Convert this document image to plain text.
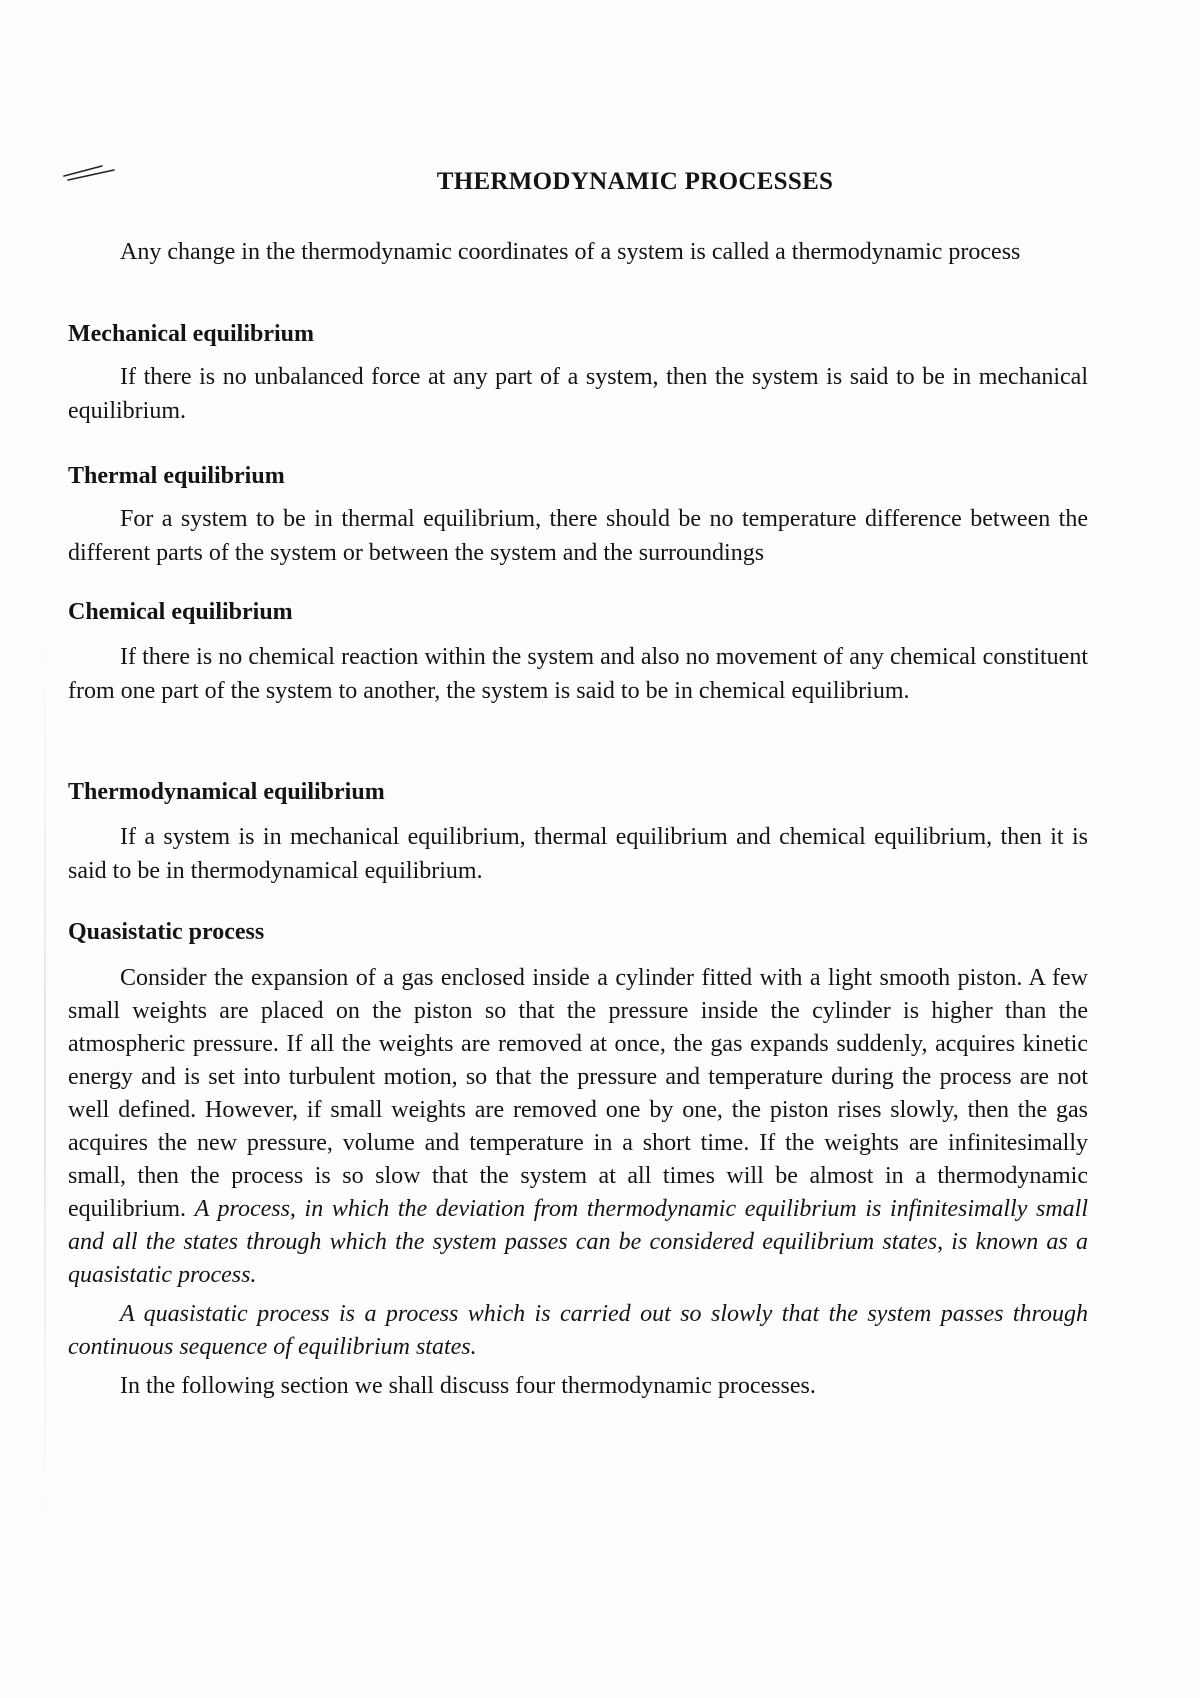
THERMODYNAMIC PROCESSES

Any change in the thermodynamic coordinates of a system is called a thermodynamic process

Mechanical equilibrium

If there is no unbalanced force at any part of a system, then the system is said to be in mechanical equilibrium.

Thermal equilibrium

For a system to be in thermal equilibrium, there should be no temperature difference between the different parts of the system or between the system and the surroundings

Chemical equilibrium

If there is no chemical reaction within the system and also no movement of any chemical constituent from one part of the system to another, the system is said to be in chemical equilibrium.

Thermodynamical equilibrium

If a system is in mechanical equilibrium, thermal equilibrium and chemical equilibrium, then it is said to be in thermodynamical equilibrium.

Quasistatic process

Consider the expansion of a gas enclosed inside a cylinder fitted with a light smooth piston. A few small weights are placed on the piston so that the pressure inside the cylinder is higher than the atmospheric pressure. If all the weights are removed at once, the gas expands suddenly, acquires kinetic energy and is set into turbulent motion, so that the pressure and temperature during the process are not well defined. However, if small weights are removed one by one, the piston rises slowly, then the gas acquires the new pressure, volume and temperature in a short time. If the weights are infinitesimally small, then the process is so slow that the system at all times will be almost in a thermodynamic equilibrium. A process, in which the deviation from thermodynamic equilibrium is infinitesimally small and all the states through which the system passes can be considered equilibrium states, is known as a quasistatic process.

A quasistatic process is a process which is carried out so slowly that the system passes through continuous sequence of equilibrium states.

In the following section we shall discuss four thermodynamic processes.
